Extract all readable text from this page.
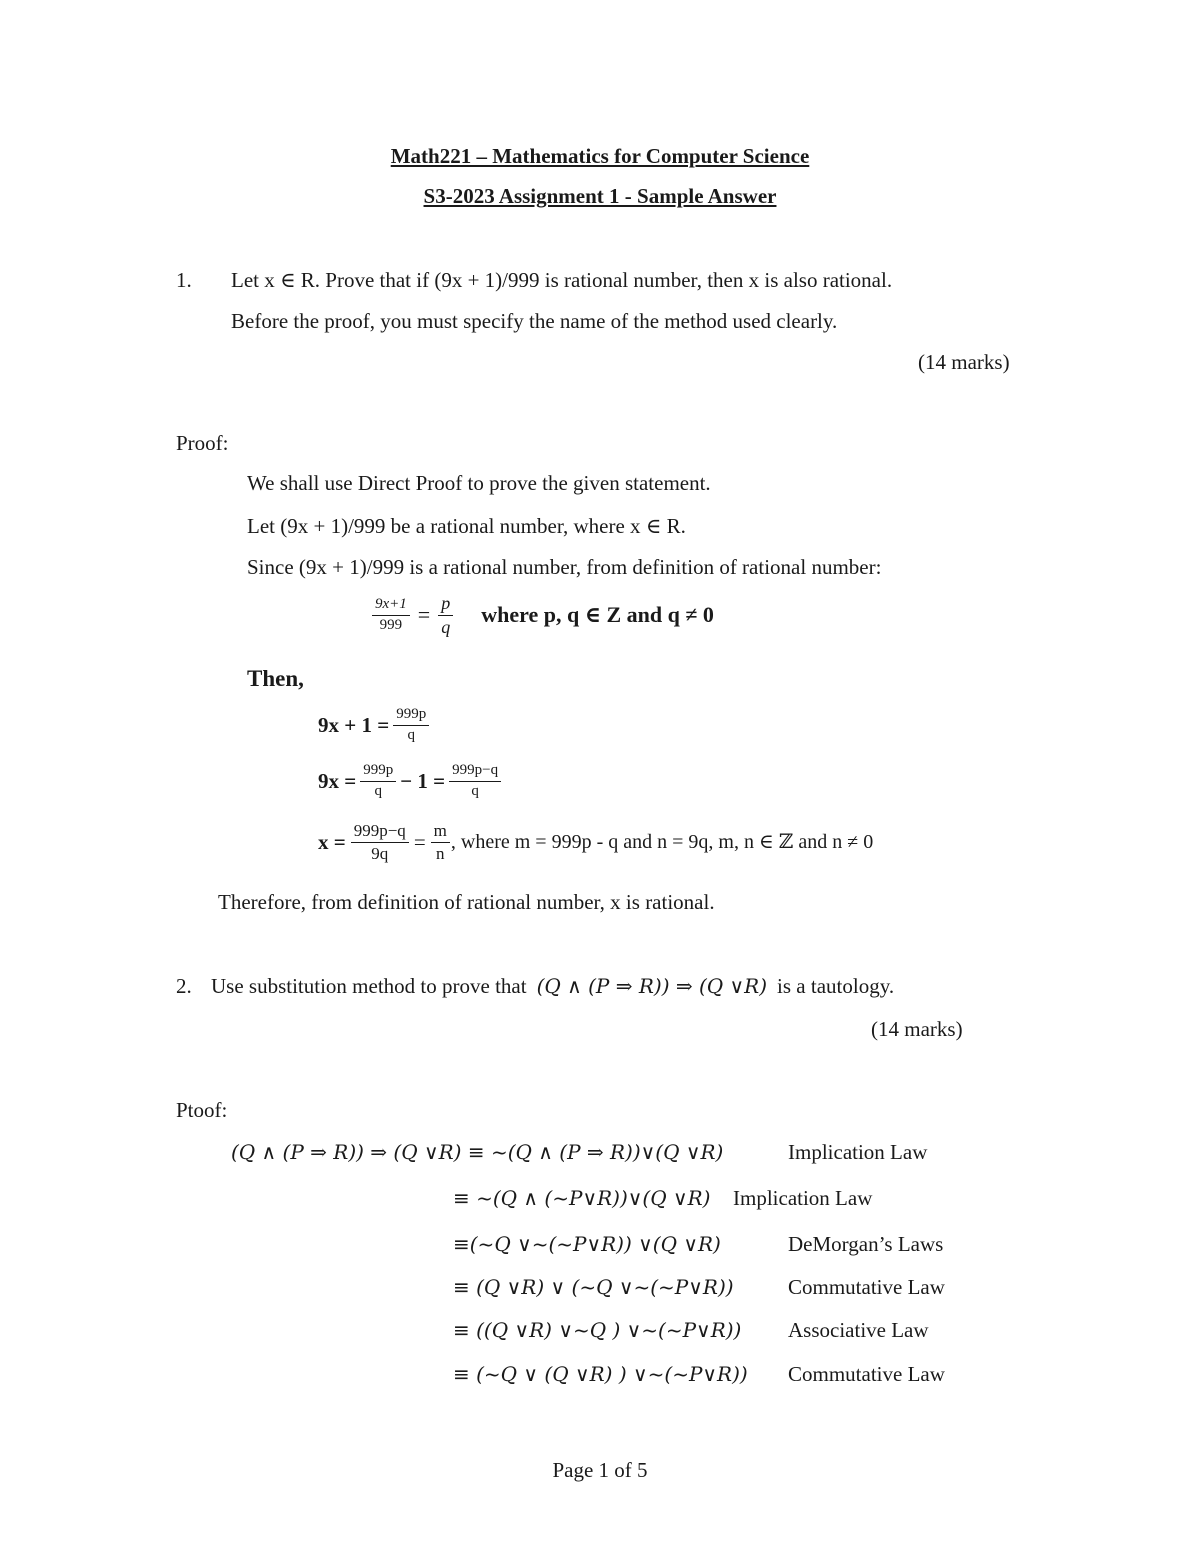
Math221 – Mathematics for Computer Science
S3-2023 Assignment 1 - Sample Answer
1. Let x ∈ R. Prove that if (9x + 1)/999 is rational number, then x is also rational.
Before the proof, you must specify the name of the method used clearly.
(14 marks)
Proof:
We shall use Direct Proof to prove the given statement.
Let (9x + 1)/999 be a rational number, where x ∈ R.
Since (9x + 1)/999 is a rational number, from definition of rational number:
$\frac{9x+1}{999} = \frac{p}{q}$ where p, q ∈ Z and q ≠ 0
Then,
$9x + 1 = \frac{999p}{q}$
$9x = \frac{999p}{q} - 1 = \frac{999p-q}{q}$
$x = \frac{999p-q}{9q} = \frac{m}{n}$ , where m = 999p - q and n = 9q, m, n ∈ ℤ and n ≠ 0
Therefore, from definition of rational number, x is rational.
2. Use substitution method to prove that (Q ∧ (P ⇒ R)) ⇒ (Q ∨R) is a tautology.
(14 marks)
Ptoof:
(Q ∧ (P ⇒ R)) ⇒ (Q ∨R) ≡ ~(Q ∧ (P ⇒ R))∨(Q ∨R)	Implication Law
≡ ~(Q ∧ (~P∨R))∨(Q ∨R) Implication Law
≡(~Q ∨~(~P∨R)) ∨(Q ∨R)	DeMorgan’s Laws
≡ (Q ∨R) ∨ (~Q ∨~(~P∨R))	Commutative Law
≡ ((Q ∨R) ∨~Q ) ∨~(~P∨R)) Associative Law
≡ (~Q ∨ (Q ∨R) ) ∨~(~P∨R)) Commutative Law
Page 1 of 5
